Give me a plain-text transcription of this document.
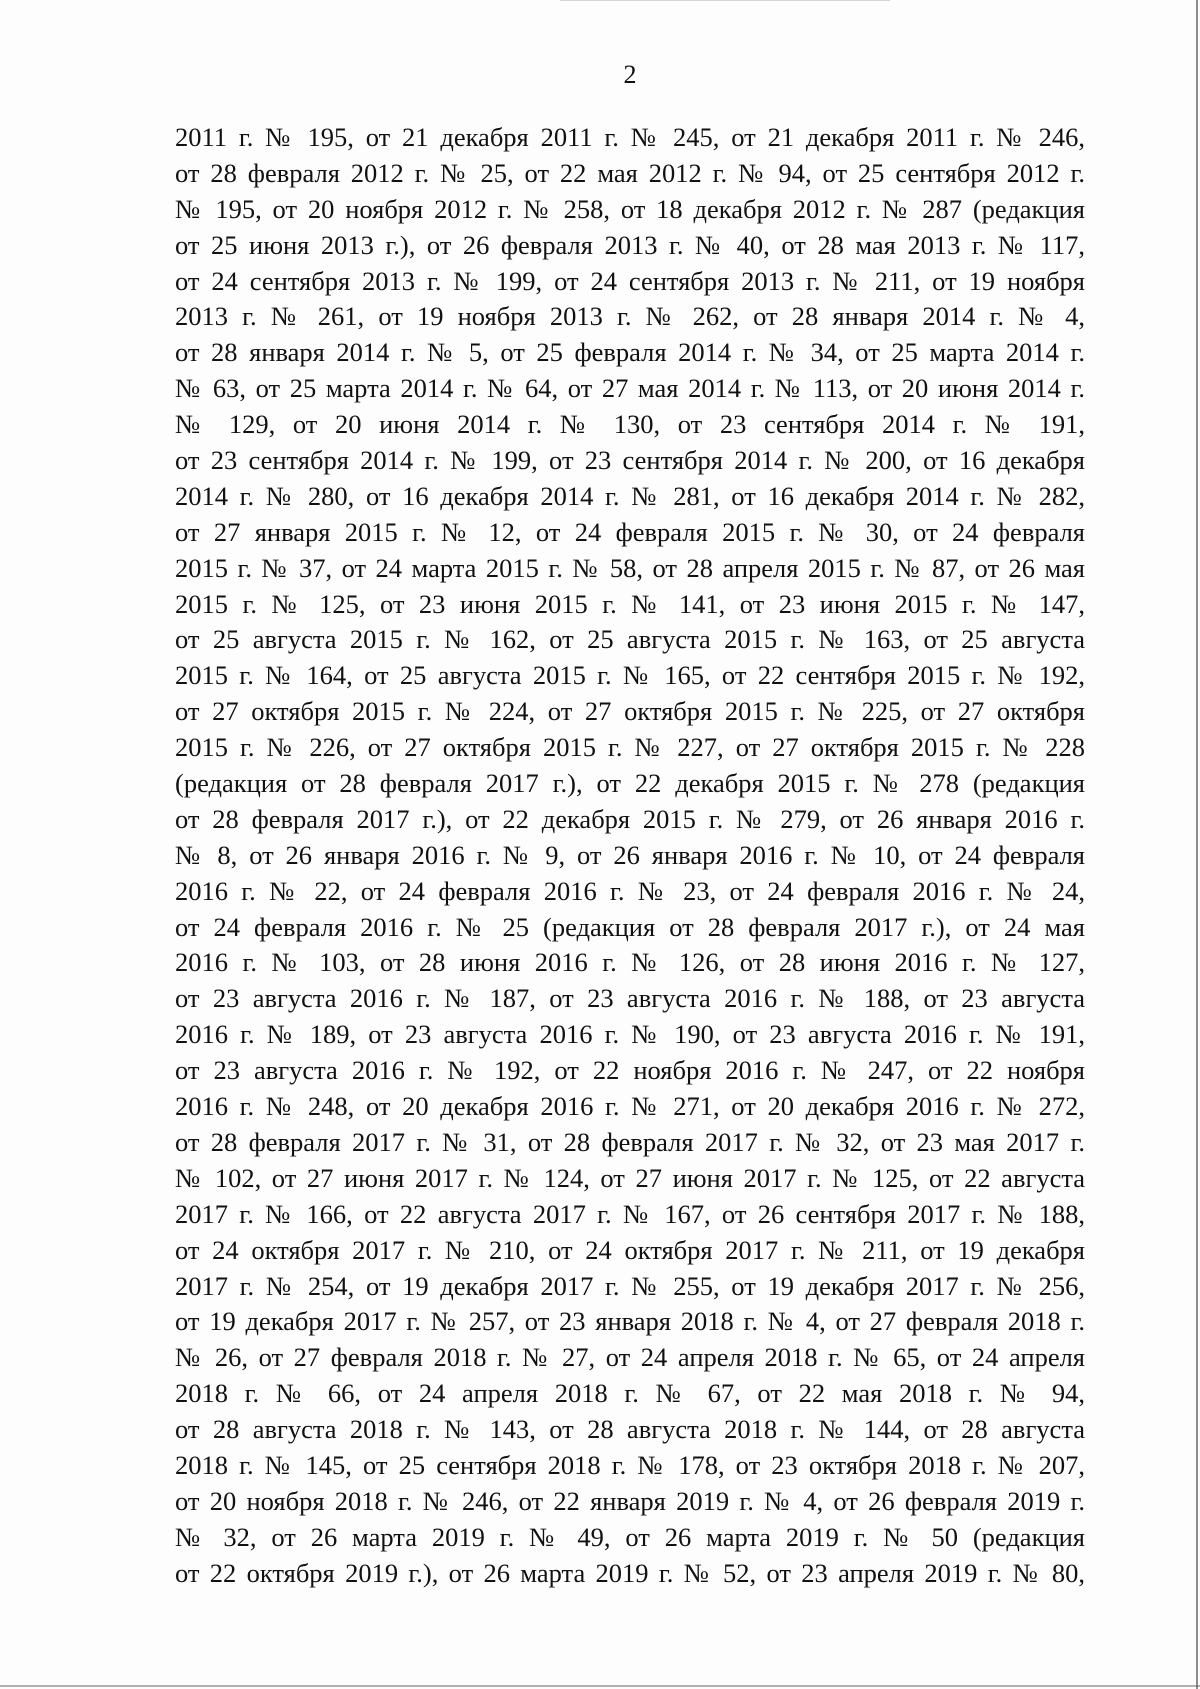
2
2011 г. № 195, от 21 декабря 2011 г. № 245, от 21 декабря 2011 г. № 246,
от 28 февраля 2012 г. № 25, от 22 мая 2012 г. № 94, от 25 сентября 2012 г.
№ 195, от 20 ноября 2012 г. № 258, от 18 декабря 2012 г. № 287 (редакция
от 25 июня 2013 г.), от 26 февраля 2013 г. № 40, от 28 мая 2013 г. № 117,
от 24 сентября 2013 г. № 199, от 24 сентября 2013 г. № 211, от 19 ноября
2013 г. № 261, от 19 ноября 2013 г. № 262, от 28 января 2014 г. № 4,
от 28 января 2014 г. № 5, от 25 февраля 2014 г. № 34, от 25 марта 2014 г.
№ 63, от 25 марта 2014 г. № 64, от 27 мая 2014 г. № 113, от 20 июня 2014 г.
№ 129, от 20 июня 2014 г. № 130, от 23 сентября 2014 г. № 191,
от 23 сентября 2014 г. № 199, от 23 сентября 2014 г. № 200, от 16 декабря
2014 г. № 280, от 16 декабря 2014 г. № 281, от 16 декабря 2014 г. № 282,
от 27 января 2015 г. № 12, от 24 февраля 2015 г. № 30, от 24 февраля
2015 г. № 37, от 24 марта 2015 г. № 58, от 28 апреля 2015 г. № 87, от 26 мая
2015 г. № 125, от 23 июня 2015 г. № 141, от 23 июня 2015 г. № 147,
от 25 августа 2015 г. № 162, от 25 августа 2015 г. № 163, от 25 августа
2015 г. № 164, от 25 августа 2015 г. № 165, от 22 сентября 2015 г. № 192,
от 27 октября 2015 г. № 224, от 27 октября 2015 г. № 225, от 27 октября
2015 г. № 226, от 27 октября 2015 г. № 227, от 27 октября 2015 г. № 228
(редакция от 28 февраля 2017 г.), от 22 декабря 2015 г. № 278 (редакция
от 28 февраля 2017 г.), от 22 декабря 2015 г. № 279, от 26 января 2016 г.
№ 8, от 26 января 2016 г. № 9, от 26 января 2016 г. № 10, от 24 февраля
2016 г. № 22, от 24 февраля 2016 г. № 23, от 24 февраля 2016 г. № 24,
от 24 февраля 2016 г. № 25 (редакция от 28 февраля 2017 г.), от 24 мая
2016 г. № 103, от 28 июня 2016 г. № 126, от 28 июня 2016 г. № 127,
от 23 августа 2016 г. № 187, от 23 августа 2016 г. № 188, от 23 августа
2016 г. № 189, от 23 августа 2016 г. № 190, от 23 августа 2016 г. № 191,
от 23 августа 2016 г. № 192, от 22 ноября 2016 г. № 247, от 22 ноября
2016 г. № 248, от 20 декабря 2016 г. № 271, от 20 декабря 2016 г. № 272,
от 28 февраля 2017 г. № 31, от 28 февраля 2017 г. № 32, от 23 мая 2017 г.
№ 102, от 27 июня 2017 г. № 124, от 27 июня 2017 г. № 125, от 22 августа
2017 г. № 166, от 22 августа 2017 г. № 167, от 26 сентября 2017 г. № 188,
от 24 октября 2017 г. № 210, от 24 октября 2017 г. № 211, от 19 декабря
2017 г. № 254, от 19 декабря 2017 г. № 255, от 19 декабря 2017 г. № 256,
от 19 декабря 2017 г. № 257, от 23 января 2018 г. № 4, от 27 февраля 2018 г.
№ 26, от 27 февраля 2018 г. № 27, от 24 апреля 2018 г. № 65, от 24 апреля
2018 г. № 66, от 24 апреля 2018 г. № 67, от 22 мая 2018 г. № 94,
от 28 августа 2018 г. № 143, от 28 августа 2018 г. № 144, от 28 августа
2018 г. № 145, от 25 сентября 2018 г. № 178, от 23 октября 2018 г. № 207,
от 20 ноября 2018 г. № 246, от 22 января 2019 г. № 4, от 26 февраля 2019 г.
№ 32, от 26 марта 2019 г. № 49, от 26 марта 2019 г. № 50 (редакция
от 22 октября 2019 г.), от 26 марта 2019 г. № 52, от 23 апреля 2019 г. № 80,
